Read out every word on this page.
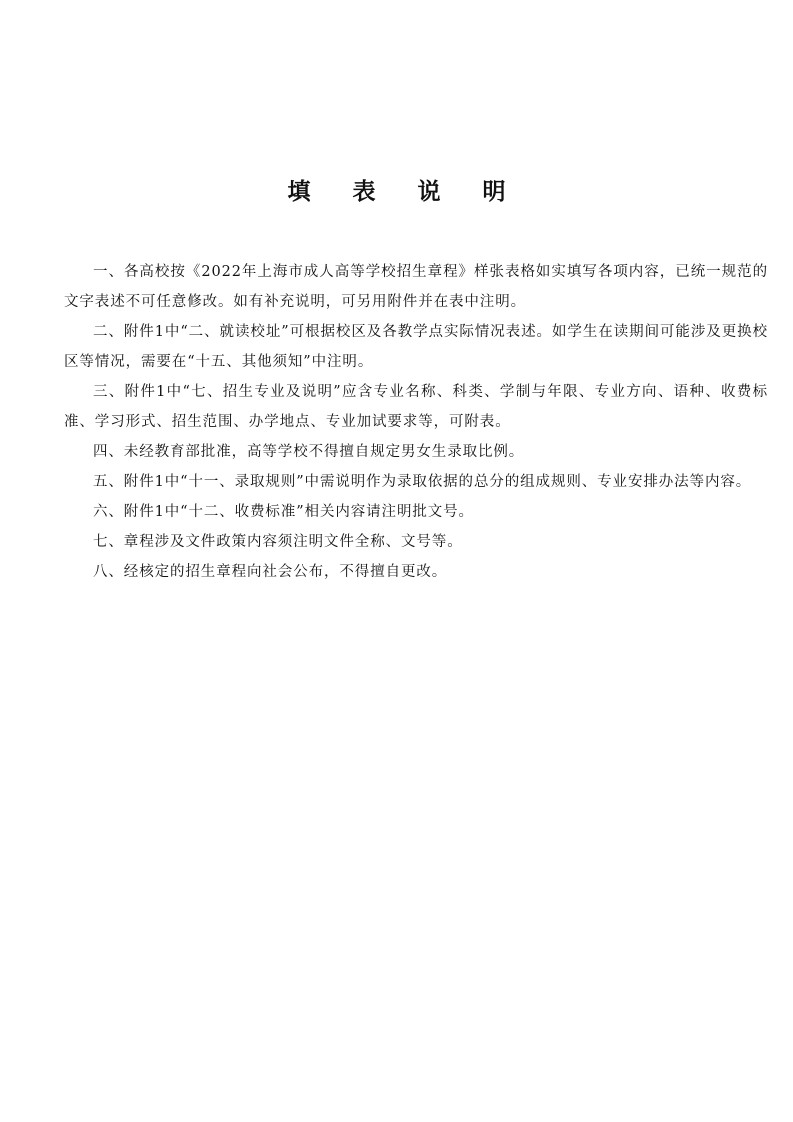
填 表 说 明

一、各高校按《2022年上海市成人高等学校招生章程》样张表格如实填写各项内容，已统一规范的文字表述不可任意修改。如有补充说明，可另用附件并在表中注明。

二、附件1中“二、就读校址”可根据校区及各教学点实际情况表述。如学生在读期间可能涉及更换校区等情况，需要在“十五、其他须知”中注明。

三、附件1中“七、招生专业及说明”应含专业名称、科类、学制与年限、专业方向、语种、收费标准、学习形式、招生范围、办学地点、专业加试要求等，可附表。

四、未经教育部批准，高等学校不得擅自规定男女生录取比例。

五、附件1中“十一、录取规则”中需说明作为录取依据的总分的组成规则、专业安排办法等内容。

六、附件1中“十二、收费标准”相关内容请注明批文号。

七、章程涉及文件政策内容须注明文件全称、文号等。

八、经核定的招生章程向社会公布，不得擅自更改。
